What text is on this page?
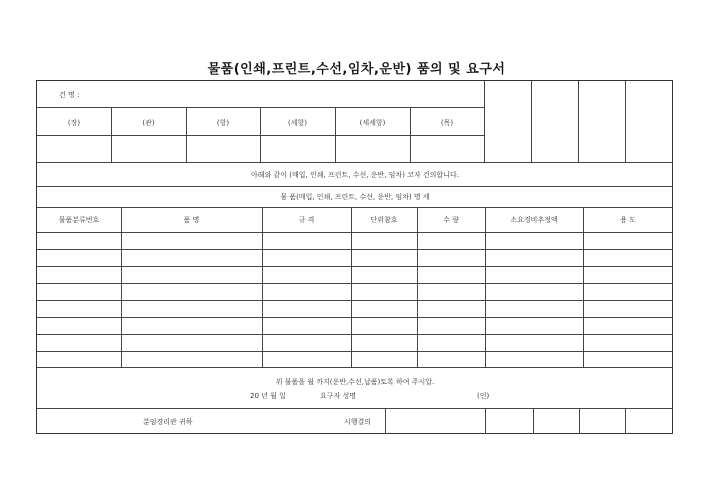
물품(인쇄,프린트,수선,임차,운반) 품의 및 요구서
건 명 :
(장)	(관)	(항)	(세항)	(세세항)	(목)
아래와 같이 (매입, 인쇄, 프린트, 수선, 운반, 임차) 코자 건의합니다.
물 품(매입, 인쇄, 프린트, 수선, 운반, 임차) 명 세
물품분류번호	품 명	규 격	단위참호	수 량	소요경비추정액	용 도
위 물품을 월 까지(운반,수선,납품)토록 하여 주시압.
20 년 월 일	요구자 성명	(인)
분임경리관 귀하	시행결의
